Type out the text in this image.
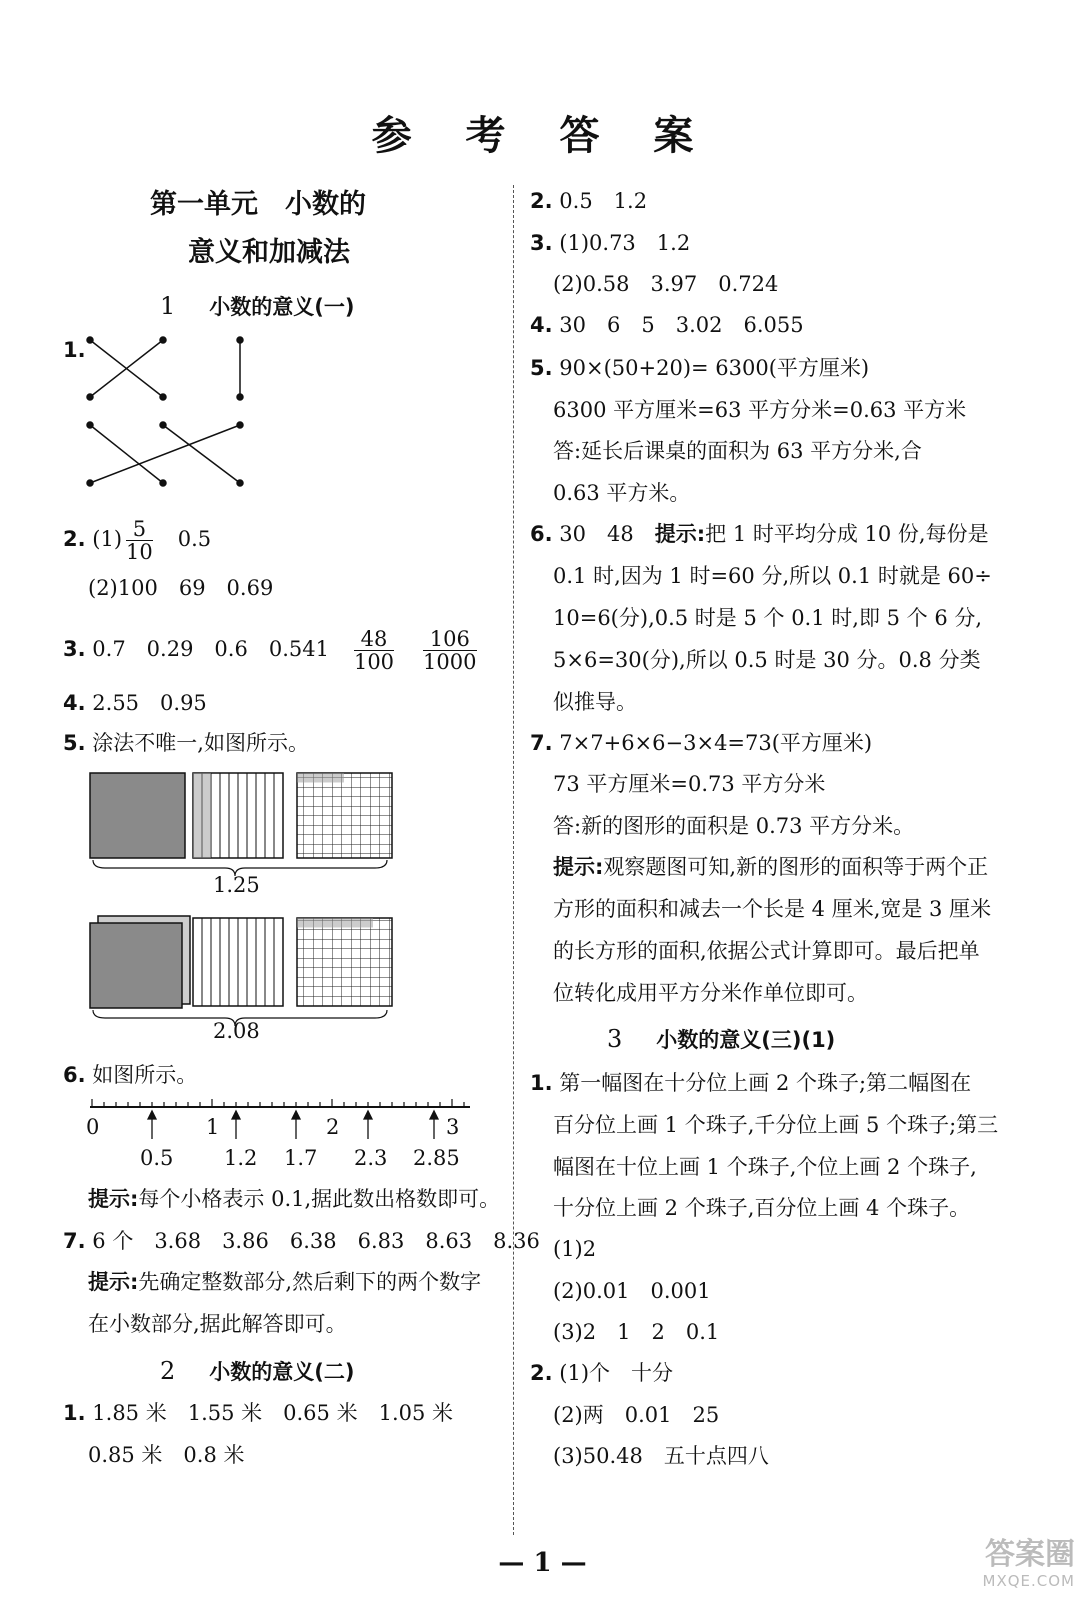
参 考 答 案
第一单元　小数的
意义和加减法
1 小数的意义(一)
1.
2. $(1) \frac{5}{10}$
　 0.5
(2)100　69　0.69
3. 0.7　0.29　0.6　0.541　 $\frac{48}{100}$
　 $\frac{106}{1000}$
4. 2.55　0.95
5. 涂法不唯一,如图所示。
1.25
2.08
6. 如图所示。
0	1	2	3
0.5 1.2 1.7 2.3 2.85
提示:每个小格表示 0.1,据此数出格数即可。
7. 6 个　3.68　3.86　6.38　6.83　8.63　8.36
提示:先确定整数部分,然后剩下的两个数字
在小数部分,据此解答即可。
2 小数的意义(二)
1. 1.85 米　1.55 米　0.65 米　1.05 米
0.85 米　0.8 米
2. 0.5　1.2
3. (1)0.73　1.2
(2)0.58　3.97　0.724
4. 30　6　5　3.02　6.055
5. 90×(50+20)= 6300(平方厘米)
6300 平方厘米=63 平方分米=0.63 平方米
答:延长后课桌的面积为 63 平方分米,合
0.63 平方米。
6. 30　48　提示:把 1 时平均分成 10 份,每份是
0.1 时,因为 1 时=60 分,所以 0.1 时就是 60÷
10=6(分),0.5 时是 5 个 0.1 时,即 5 个 6 分,
5×6=30(分),所以 0.5 时是 30 分。0.8 分类
似推导。
7. 7×7+6×6−3×4=73(平方厘米)
73 平方厘米=0.73 平方分米
答:新的图形的面积是 0.73 平方分米。
提示:观察题图可知,新的图形的面积等于两个正
方形的面积和减去一个长是 4 厘米,宽是 3 厘米
的长方形的面积,依据公式计算即可。最后把单
位转化成用平方分米作单位即可。
3 小数的意义(三)(1)
1. 第一幅图在十分位上画 2 个珠子;第二幅图在
百分位上画 1 个珠子,千分位上画 5 个珠子;第三
幅图在十位上画 1 个珠子,个位上画 2 个珠子,
十分位上画 2 个珠子,百分位上画 4 个珠子。
(1)2
(2)0.01　0.001
(3)2　1　2　0.1
2. (1)个　十分
(2)两　0.01　25
(3)50.48　五十点四八
— 1 —	答案圈
MXQE.COM
